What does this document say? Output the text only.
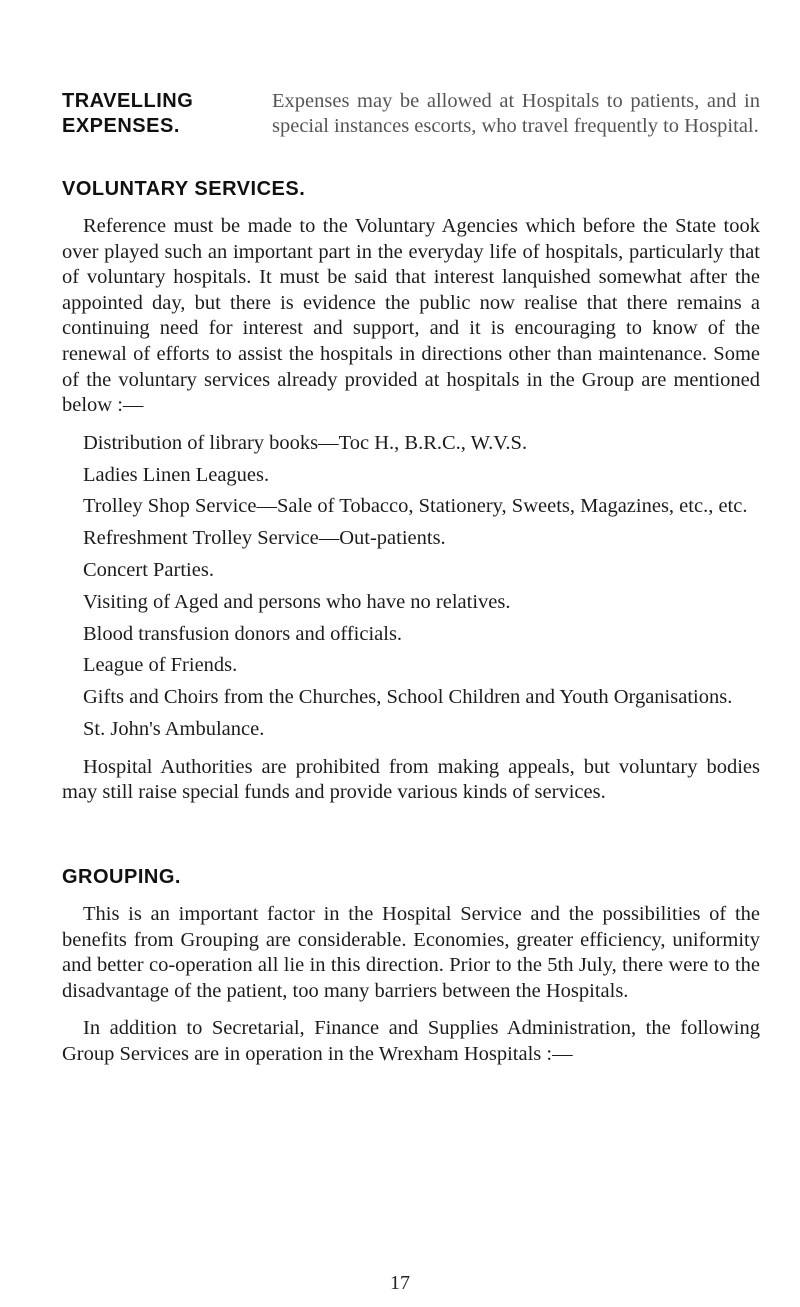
TRAVELLING
EXPENSES.

Expenses may be allowed at Hospitals to patients, and in special instances escorts, who travel frequently to Hospital.

VOLUNTARY SERVICES.

Reference must be made to the Voluntary Agencies which before the State took over played such an important part in the everyday life of hospitals, particularly that of voluntary hospitals. It must be said that interest lanquished somewhat after the appointed day, but there is evidence the public now realise that there remains a continuing need for interest and support, and it is encouraging to know of the renewal of efforts to assist the hospitals in directions other than maintenance. Some of the voluntary services already provided at hospitals in the Group are mentioned below :—

Distribution of library books—Toc H., B.R.C., W.V.S.
Ladies Linen Leagues.
Trolley Shop Service—Sale of Tobacco, Stationery, Sweets, Magazines, etc., etc.
Refreshment Trolley Service—Out-patients.
Concert Parties.
Visiting of Aged and persons who have no relatives.
Blood transfusion donors and officials.
League of Friends.
Gifts and Choirs from the Churches, School Children and Youth Organisations.
St. John's Ambulance.

Hospital Authorities are prohibited from making appeals, but voluntary bodies may still raise special funds and provide various kinds of services.

GROUPING.

This is an important factor in the Hospital Service and the possibilities of the benefits from Grouping are considerable. Economies, greater efficiency, uniformity and better co-operation all lie in this direction. Prior to the 5th July, there were to the disadvantage of the patient, too many barriers between the Hospitals.

In addition to Secretarial, Finance and Supplies Administration, the following Group Services are in operation in the Wrexham Hospitals :—

17
